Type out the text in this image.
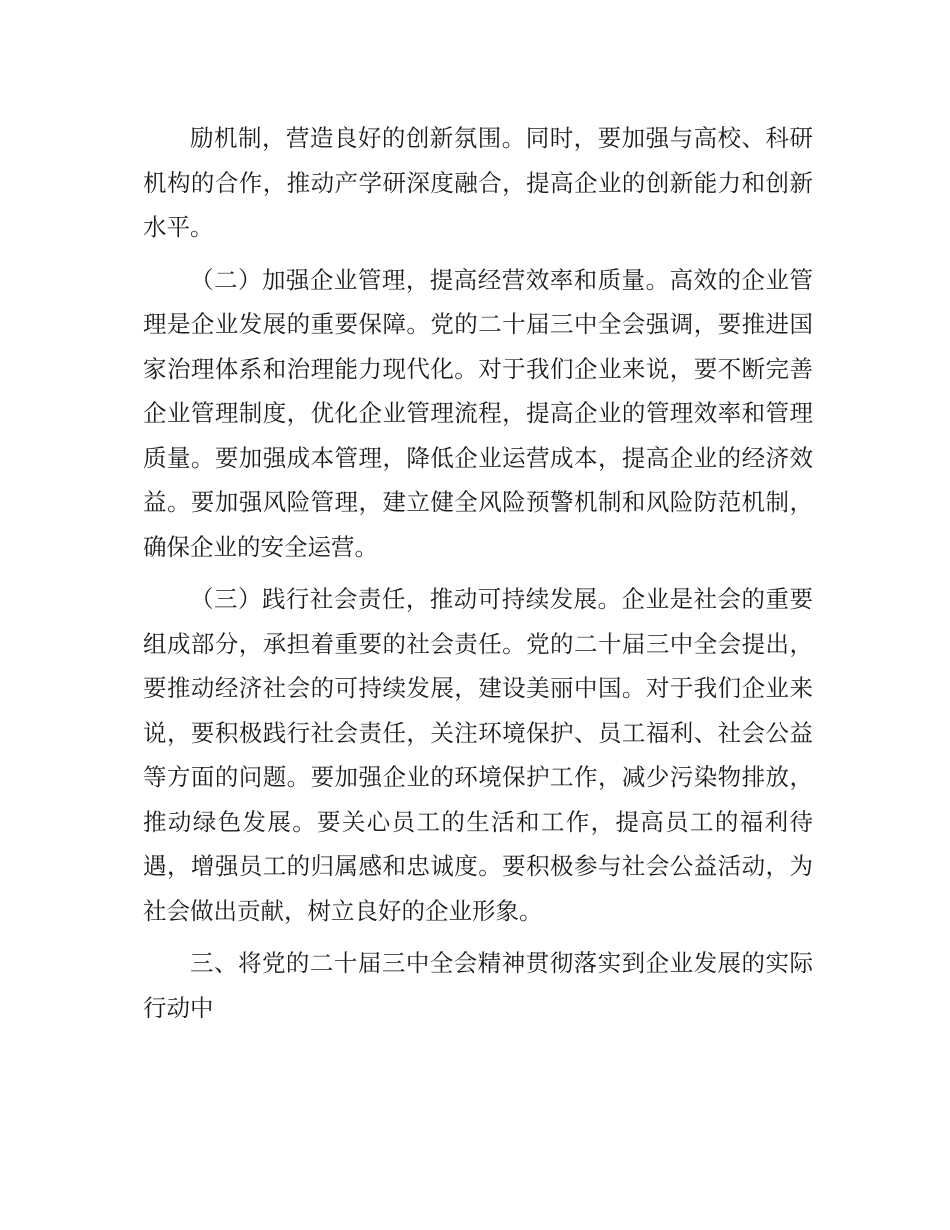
励机制，营造良好的创新氛围。同时，要加强与高校、科研机构的合作，推动产学研深度融合，提高企业的创新能力和创新水平。

（二）加强企业管理，提高经营效率和质量。高效的企业管理是企业发展的重要保障。党的二十届三中全会强调，要推进国家治理体系和治理能力现代化。对于我们企业来说，要不断完善企业管理制度，优化企业管理流程，提高企业的管理效率和管理质量。要加强成本管理，降低企业运营成本，提高企业的经济效益。要加强风险管理，建立健全风险预警机制和风险防范机制，确保企业的安全运营。

（三）践行社会责任，推动可持续发展。企业是社会的重要组成部分，承担着重要的社会责任。党的二十届三中全会提出，要推动经济社会的可持续发展，建设美丽中国。对于我们企业来说，要积极践行社会责任，关注环境保护、员工福利、社会公益等方面的问题。要加强企业的环境保护工作，减少污染物排放，推动绿色发展。要关心员工的生活和工作，提高员工的福利待遇，增强员工的归属感和忠诚度。要积极参与社会公益活动，为社会做出贡献，树立良好的企业形象。

三、将党的二十届三中全会精神贯彻落实到企业发展的实际行动中
